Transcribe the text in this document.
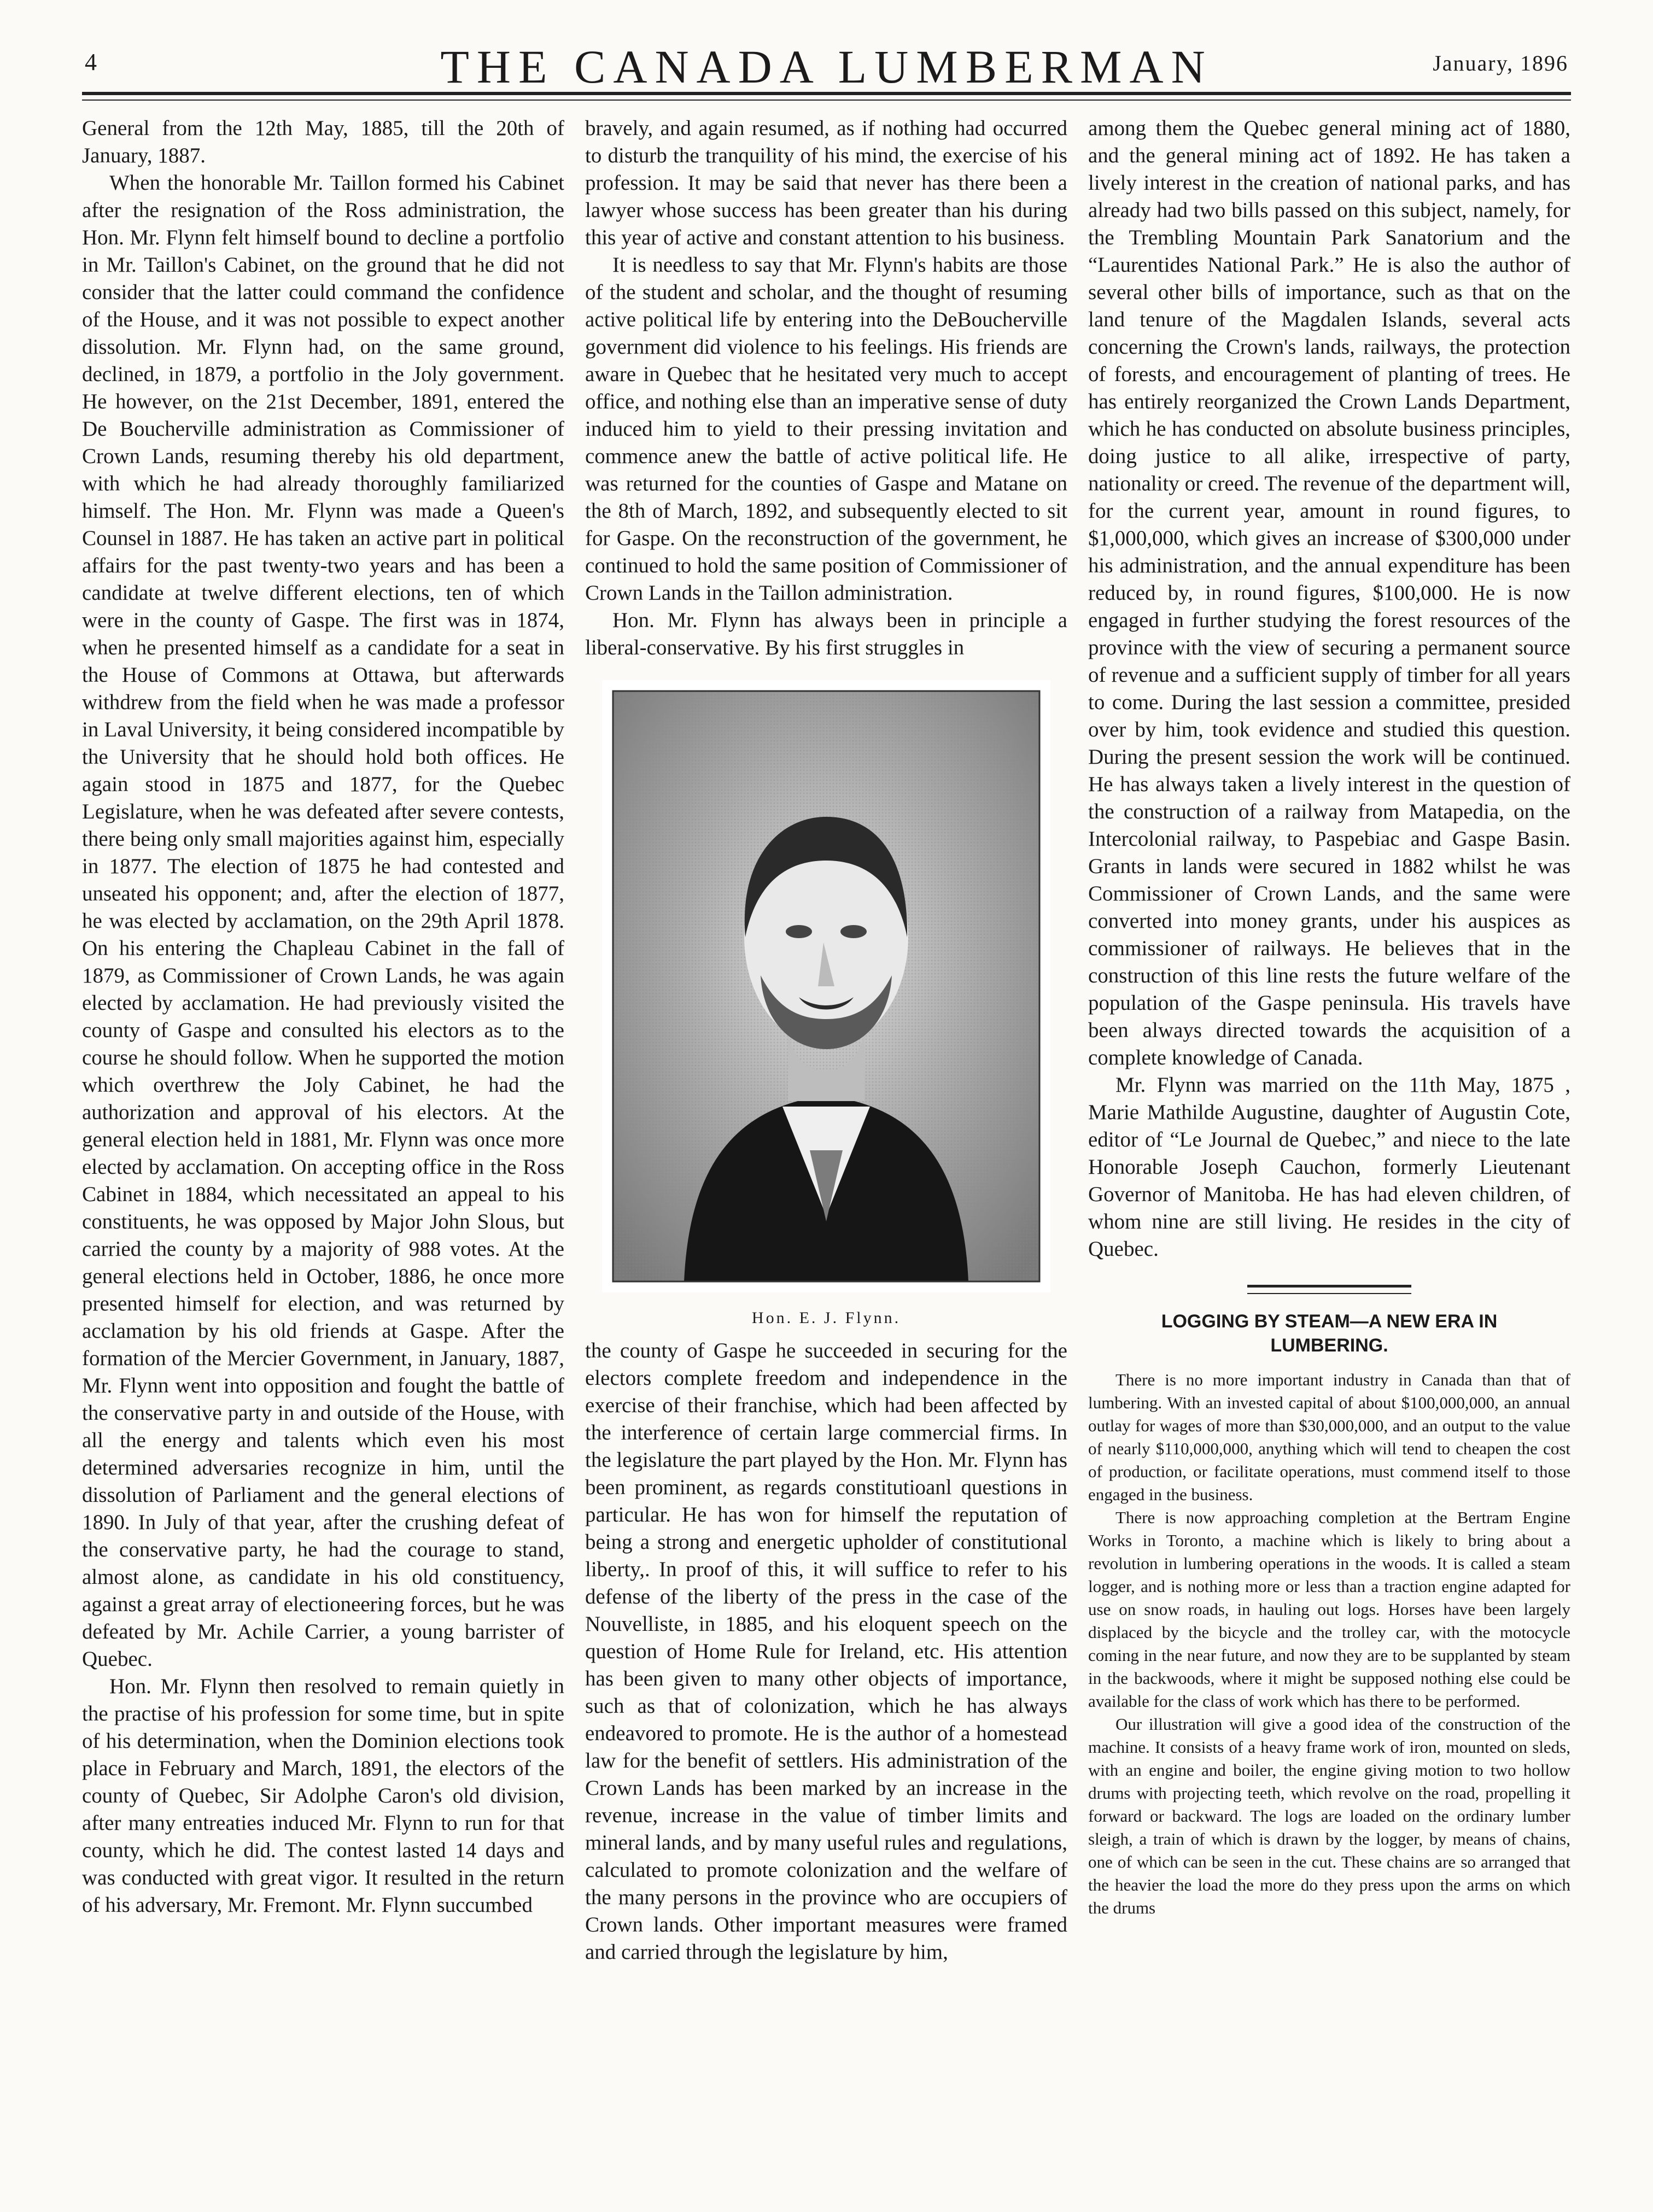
4	THE CANADA LUMBERMAN	January, 1896

General from the 12th May, 1885, till the 20th of January, 1887.

When the honorable Mr. Taillon formed his Cabinet after the resignation of the Ross administration, the Hon. Mr. Flynn felt himself bound to decline a portfolio in Mr. Taillon's Cabinet, on the ground that he did not consider that the latter could command the confidence of the House, and it was not possible to expect another dissolution. Mr. Flynn had, on the same ground, declined, in 1879, a portfolio in the Joly government. He however, on the 21st December, 1891, entered the De Boucherville administration as Commissioner of Crown Lands, resuming thereby his old department, with which he had already thoroughly familiarized himself. The Hon. Mr. Flynn was made a Queen's Counsel in 1887. He has taken an active part in political affairs for the past twenty-two years and has been a candidate at twelve different elections, ten of which were in the county of Gaspe. The first was in 1874, when he presented himself as a candidate for a seat in the House of Commons at Ottawa, but afterwards withdrew from the field when he was made a professor in Laval University, it being considered incompatible by the University that he should hold both offices. He again stood in 1875 and 1877, for the Quebec Legislature, when he was defeated after severe contests, there being only small majorities against him, especially in 1877. The election of 1875 he had contested and unseated his opponent; and, after the election of 1877, he was elected by acclamation, on the 29th April 1878. On his entering the Chapleau Cabinet in the fall of 1879, as Commissioner of Crown Lands, he was again elected by acclamation. He had previously visited the county of Gaspe and consulted his electors as to the course he should follow. When he supported the motion which overthrew the Joly Cabinet, he had the authorization and approval of his electors. At the general election held in 1881, Mr. Flynn was once more elected by acclamation. On accepting office in the Ross Cabinet in 1884, which necessitated an appeal to his constituents, he was opposed by Major John Slous, but carried the county by a majority of 988 votes. At the general elections held in October, 1886, he once more presented himself for election, and was returned by acclamation by his old friends at Gaspe. After the formation of the Mercier Government, in January, 1887, Mr. Flynn went into opposition and fought the battle of the conservative party in and outside of the House, with all the energy and talents which even his most determined adversaries recognize in him, until the dissolution of Parliament and the general elections of 1890. In July of that year, after the crushing defeat of the conservative party, he had the courage to stand, almost alone, as candidate in his old constituency, against a great array of electioneering forces, but he was defeated by Mr. Achile Carrier, a young barrister of Quebec.

Hon. Mr. Flynn then resolved to remain quietly in the practise of his profession for some time, but in spite of his determination, when the Dominion elections took place in February and March, 1891, the electors of the county of Quebec, Sir Adolphe Caron's old division, after many entreaties induced Mr. Flynn to run for that county, which he did. The contest lasted 14 days and was conducted with great vigor. It resulted in the return of his adversary, Mr. Fremont. Mr. Flynn succumbed

bravely, and again resumed, as if nothing had occurred to disturb the tranquility of his mind, the exercise of his profession. It may be said that never has there been a lawyer whose success has been greater than his during this year of active and constant attention to his business.

It is needless to say that Mr. Flynn's habits are those of the student and scholar, and the thought of resuming active political life by entering into the DeBoucherville government did violence to his feelings. His friends are aware in Quebec that he hesitated very much to accept office, and nothing else than an imperative sense of duty induced him to yield to their pressing invitation and commence anew the battle of active political life. He was returned for the counties of Gaspe and Matane on the 8th of March, 1892, and subsequently elected to sit for Gaspe. On the reconstruction of the government, he continued to hold the same position of Commissioner of Crown Lands in the Taillon administration.

Hon. Mr. Flynn has always been in principle a liberal-conservative. By his first struggles in

Hon. E. J. Flynn.

the county of Gaspe he succeeded in securing for the electors complete freedom and independence in the exercise of their franchise, which had been affected by the interference of certain large commercial firms. In the legislature the part played by the Hon. Mr. Flynn has been prominent, as regards constitutioanl questions in particular. He has won for himself the reputation of being a strong and energetic upholder of constitutional liberty,. In proof of this, it will suffice to refer to his defense of the liberty of the press in the case of the Nouvelliste, in 1885, and his eloquent speech on the question of Home Rule for Ireland, etc. His attention has been given to many other objects of importance, such as that of colonization, which he has always endeavored to promote. He is the author of a homestead law for the benefit of settlers. His administration of the Crown Lands has been marked by an increase in the revenue, increase in the value of timber limits and mineral lands, and by many useful rules and regulations, calculated to promote colonization and the welfare of the many persons in the province who are occupiers of Crown lands. Other important measures were framed and carried through the legislature by him,

among them the Quebec general mining act of 1880, and the general mining act of 1892. He has taken a lively interest in the creation of national parks, and has already had two bills passed on this subject, namely, for the Trembling Mountain Park Sanatorium and the “Laurentides National Park.” He is also the author of several other bills of importance, such as that on the land tenure of the Magdalen Islands, several acts concerning the Crown's lands, railways, the protection of forests, and encouragement of planting of trees. He has entirely reorganized the Crown Lands Department, which he has conducted on absolute business principles, doing justice to all alike, irrespective of party, nationality or creed. The revenue of the department will, for the current year, amount in round figures, to $1,000,000, which gives an increase of $300,000 under his administration, and the annual expenditure has been reduced by, in round figures, $100,000. He is now engaged in further studying the forest resources of the province with the view of securing a permanent source of revenue and a sufficient supply of timber for all years to come. During the last session a committee, presided over by him, took evidence and studied this question. During the present session the work will be continued. He has always taken a lively interest in the question of the construction of a railway from Matapedia, on the Intercolonial railway, to Paspebiac and Gaspe Basin. Grants in lands were secured in 1882 whilst he was Commissioner of Crown Lands, and the same were converted into money grants, under his auspices as commissioner of railways. He believes that in the construction of this line rests the future welfare of the population of the Gaspe peninsula. His travels have been always directed towards the acquisition of a complete knowledge of Canada.

Mr. Flynn was married on the 11th May, 1875 , Marie Mathilde Augustine, daughter of Augustin Cote, editor of “Le Journal de Quebec,” and niece to the late Honorable Joseph Cauchon, formerly Lieutenant Governor of Manitoba. He has had eleven children, of whom nine are still living. He resides in the city of Quebec.

LOGGING BY STEAM—A NEW ERA IN LUMBERING.

There is no more important industry in Canada than that of lumbering. With an invested capital of about $100,000,000, an annual outlay for wages of more than $30,000,000, and an output to the value of nearly $110,000,000, anything which will tend to cheapen the cost of production, or facilitate operations, must commend itself to those engaged in the business.

There is now approaching completion at the Bertram Engine Works in Toronto, a machine which is likely to bring about a revolution in lumbering operations in the woods. It is called a steam logger, and is nothing more or less than a traction engine adapted for use on snow roads, in hauling out logs. Horses have been largely displaced by the bicycle and the trolley car, with the motocycle coming in the near future, and now they are to be supplanted by steam in the backwoods, where it might be supposed nothing else could be available for the class of work which has there to be performed.

Our illustration will give a good idea of the construction of the machine. It consists of a heavy frame work of iron, mounted on sleds, with an engine and boiler, the engine giving motion to two hollow drums with projecting teeth, which revolve on the road, propelling it forward or backward. The logs are loaded on the ordinary lumber sleigh, a train of which is drawn by the logger, by means of chains, one of which can be seen in the cut. These chains are so arranged that the heavier the load the more do they press upon the arms on which the drums
